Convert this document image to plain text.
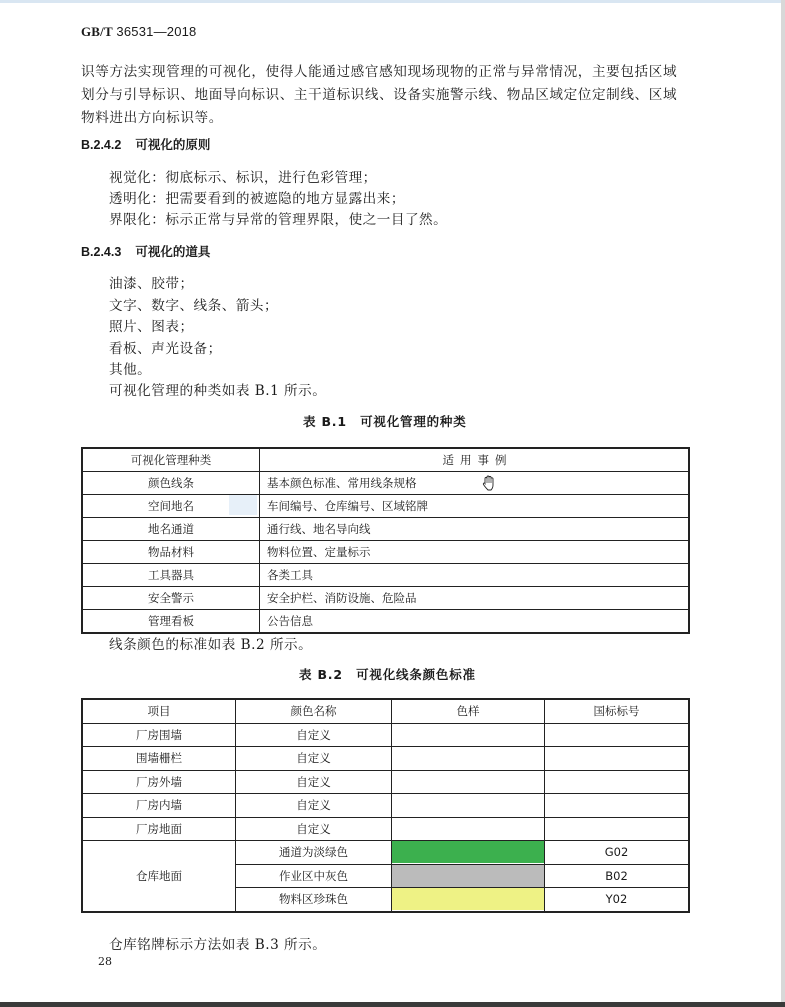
GB/T 36531—2018
识等方法实现管理的可视化，使得人能通过感官感知现场现物的正常与异常情况，主要包括区域划分与引导标识、地面导向标识、主干道标识线、设备实施警示线、物品区域定位定制线、区域物料进出方向标识等。
B.2.4.2 可视化的原则
视觉化：彻底标示、标识，进行色彩管理；
透明化：把需要看到的被遮隐的地方显露出来；
界限化：标示正常与异常的管理界限，使之一目了然。
B.2.4.3 可视化的道具
油漆、胶带；
文字、数字、线条、箭头；
照片、图表；
看板、声光设备；
其他。
可视化管理的种类如表 B.1 所示。
表 B.1　可视化管理的种类
可视化管理种类	适用事例
颜色线条	基本颜色标准、常用线条规格
空间地名	车间编号、仓库编号、区域铭牌
地名通道	通行线、地名导向线
物品材料	物料位置、定量标示
工具器具	各类工具
安全警示	安全护栏、消防设施、危险品
管理看板	公告信息
线条颜色的标准如表 B.2 所示。
表 B.2　可视化线条颜色标准
项目	颜色名称	色样	国标标号
厂房围墙	自定义		
围墙栅栏	自定义		
厂房外墙	自定义		
厂房内墙	自定义		
厂房地面	自定义		
仓库地面	通道为淡绿色		G02
	作业区中灰色		B02
	物料区珍珠色		Y02
仓库铭牌标示方法如表 B.3 所示。
28
